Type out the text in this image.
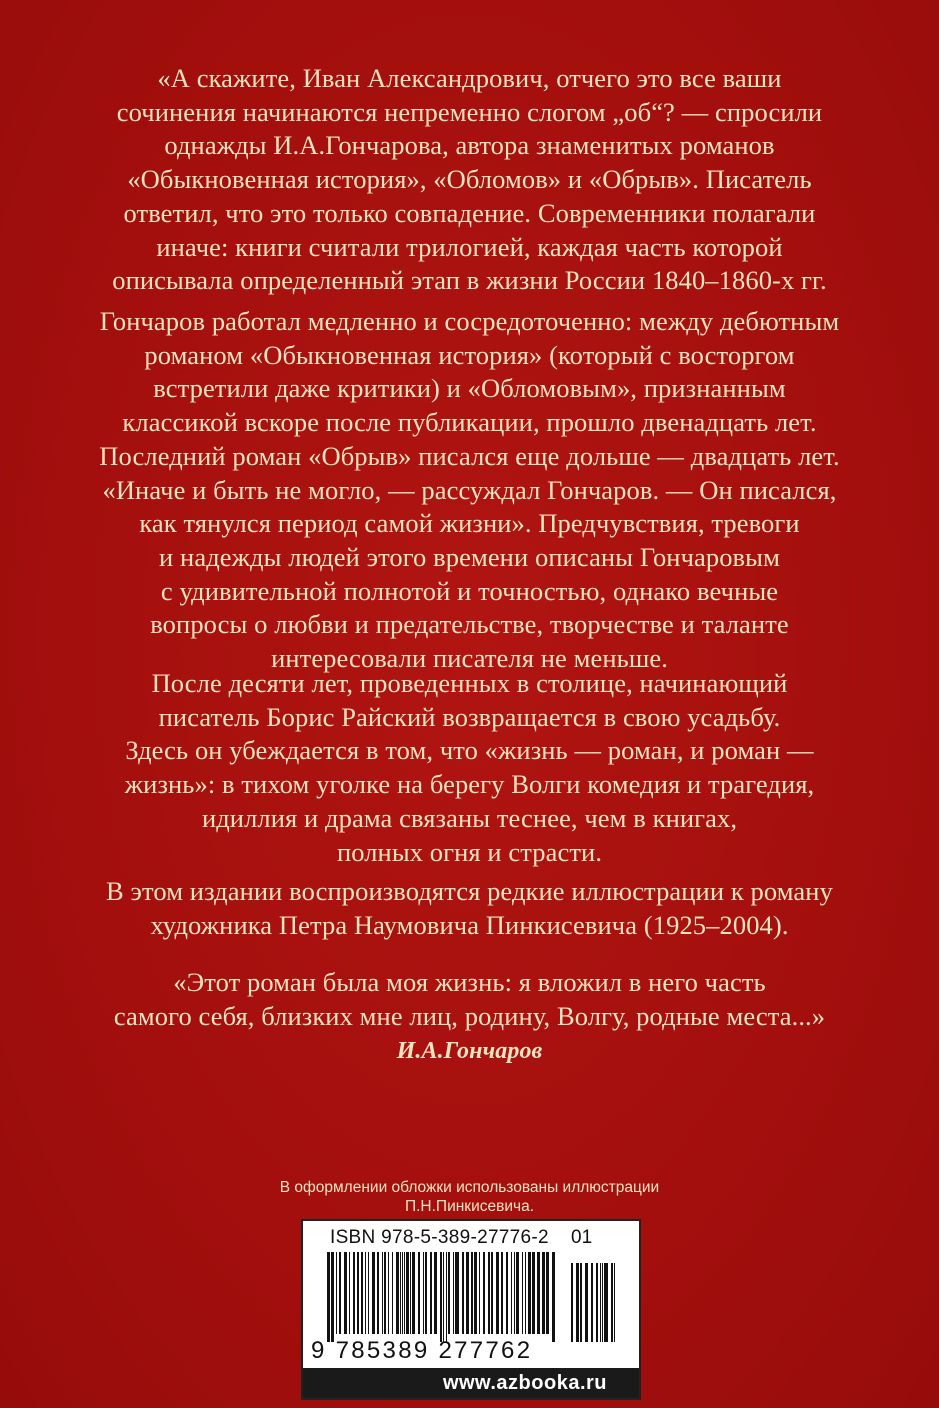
«А скажите, Иван Александрович, отчего это все ваши
сочинения начинаются непременно слогом „об“? — спросили
однажды И.А.Гончарова, автора знаменитых романов
«Обыкновенная история», «Обломов» и «Обрыв». Писатель
ответил, что это только совпадение. Современники полагали
иначе: книги считали трилогией, каждая часть которой
описывала определенный этап в жизни России 1840–1860-х гг.

Гончаров работал медленно и сосредоточенно: между дебютным
романом «Обыкновенная история» (который с восторгом
встретили даже критики) и «Обломовым», признанным
классикой вскоре после публикации, прошло двенадцать лет.
Последний роман «Обрыв» писался еще дольше — двадцать лет.
«Иначе и быть не могло, — рассуждал Гончаров. — Он писался,
как тянулся период самой жизни». Предчувствия, тревоги
и надежды людей этого времени описаны Гончаровым
с удивительной полнотой и точностью, однако вечные
вопросы о любви и предательстве, творчестве и таланте
интересовали писателя не меньше.

После десяти лет, проведенных в столице, начинающий
писатель Борис Райский возвращается в свою усадьбу.
Здесь он убеждается в том, что «жизнь — роман, и роман —
жизнь»: в тихом уголке на берегу Волги комедия и трагедия,
идиллия и драма связаны теснее, чем в книгах,
полных огня и страсти.

В этом издании воспроизводятся редкие иллюстрации к роману
художника Петра Наумовича Пинкисевича (1925–2004).

«Этот роман была моя жизнь: я вложил в него часть
самого себя, близких мне лиц, родину, Волгу, родные места...»
И.А.Гончаров

В оформлении обложки использованы иллюстрации
П.Н.Пинкисевича.
ISBN 978-5-389-27776-2 01
9 785389 277762
www.azbooka.ru
